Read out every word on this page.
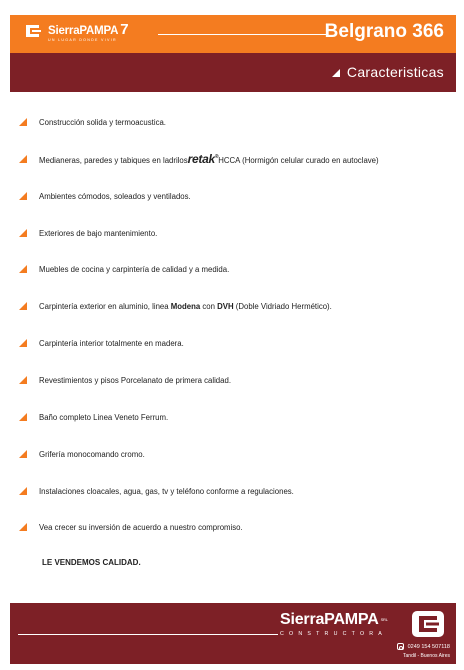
SierraPAMPA 7
UN LUGAR DONDE VIVIR	Belgrano 366
Caracteristicas
Construcción solida y termoacustica.
Medianeras, paredes y tabiques en ladrilosretak®HCCA (Hormigón celular curado en autoclave)
Ambientes cómodos, soleados y ventilados.
Exteriores de bajo mantenimiento.
Muebles de cocina y carpintería de calidad y a medida.
Carpintería exterior en aluminio, linea Modena con DVH (Doble Vidriado Hermético).
Carpintería interior totalmente en madera.
Revestimientos y pisos Porcelanato de primera calidad.
Baño completo Linea Veneto Ferrum.
Grifería monocomando cromo.
Instalaciones cloacales, agua, gas, tv y teléfono conforme a regulaciones.
Vea crecer su inversión de acuerdo a nuestro compromiso.
LE VENDEMOS CALIDAD.
SierraPAMPA SRL
CONSTRUCTORA
0249 154 507118
Tandil - Buenos Aires
